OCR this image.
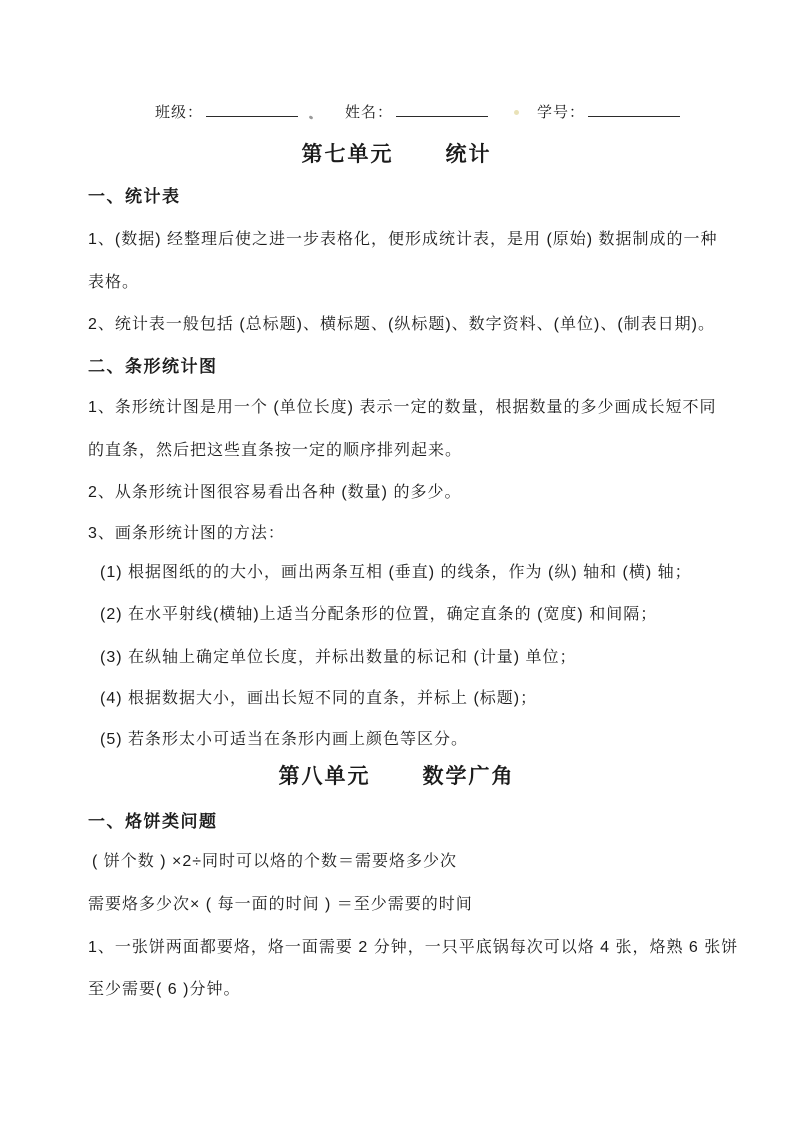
班级：	姓名：	学号：
第七单元 统计
一、统计表
1、(数据) 经整理后使之进一步表格化，便形成统计表，是用 (原始) 数据制成的一种
表格。
2、统计表一般包括 (总标题)、横标题、(纵标题)、数字资料、(单位)、(制表日期)。
二、条形统计图
1、条形统计图是用一个 (单位长度) 表示一定的数量，根据数量的多少画成长短不同
的直条，然后把这些直条按一定的顺序排列起来。
2、从条形统计图很容易看出各种 (数量) 的多少。
3、画条形统计图的方法：
(1) 根据图纸的的大小，画出两条互相 (垂直) 的线条，作为 (纵) 轴和 (横) 轴；
(2) 在水平射线(横轴)上适当分配条形的位置，确定直条的 (宽度) 和间隔；
(3) 在纵轴上确定单位长度，并标出数量的标记和 (计量) 单位；
(4) 根据数据大小，画出长短不同的直条，并标上 (标题)；
(5) 若条形太小可适当在条形内画上颜色等区分。
第八单元 数学广角
一、烙饼类问题
( 饼个数 ) ×2÷同时可以烙的个数＝需要烙多少次
需要烙多少次× ( 每一面的时间 ) ＝至少需要的时间
1、一张饼两面都要烙，烙一面需要 2 分钟，一只平底锅每次可以烙 4 张，烙熟 6 张饼
至少需要( 6 )分钟。
